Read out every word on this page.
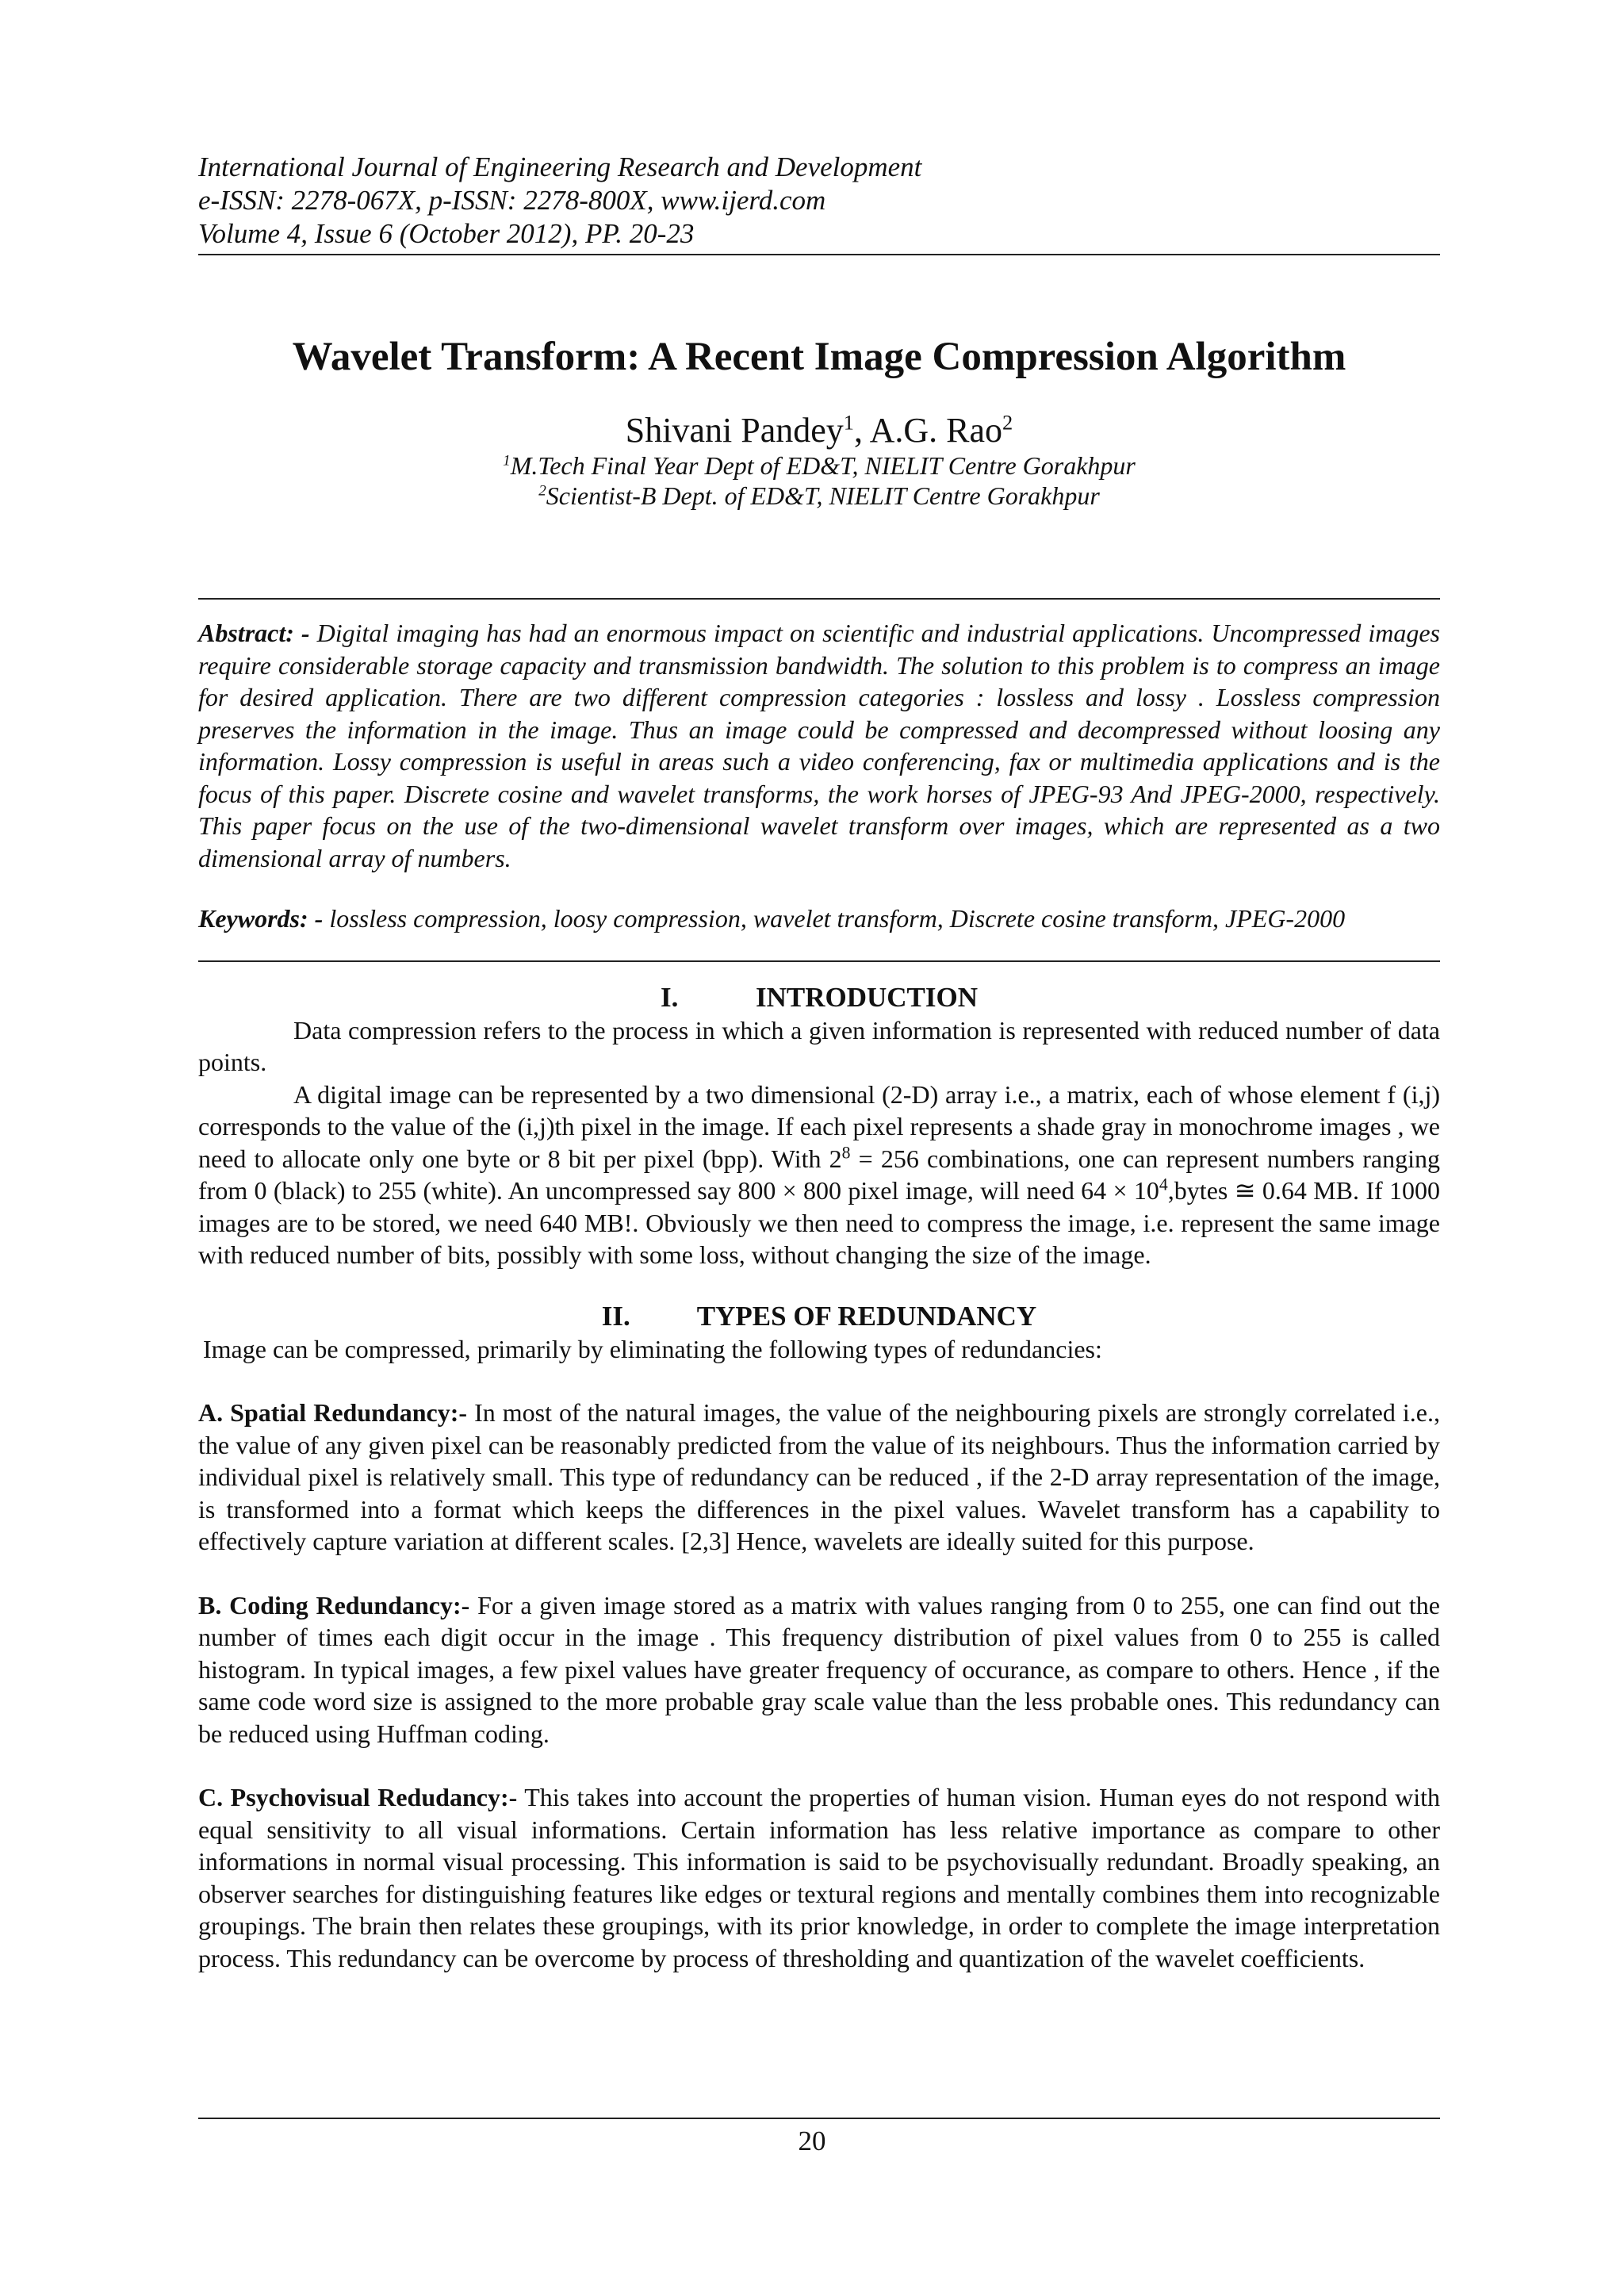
International Journal of Engineering Research and Development
e-ISSN: 2278-067X, p-ISSN: 2278-800X, www.ijerd.com
Volume 4, Issue 6 (October 2012), PP. 20-23
Wavelet Transform: A Recent Image Compression Algorithm
Shivani Pandey$^1$, A.G. Rao$^2$
$^1$M.Tech Final Year Dept of ED&T, NIELIT Centre Gorakhpur
$^2$Scientist-B Dept. of ED&T, NIELIT Centre Gorakhpur

Abstract: - Digital imaging has had an enormous impact on scientific and industrial applications. Uncompressed images require considerable storage capacity and transmission bandwidth. The solution to this problem is to compress an image for desired application. There are two different compression categories : lossless and lossy . Lossless compression preserves the information in the image. Thus an image could be compressed and decompressed without loosing any information. Lossy compression is useful in areas such a video conferencing, fax or multimedia applications and is the focus of this paper. Discrete cosine and wavelet transforms, the work horses of JPEG-93 And JPEG-2000, respectively. This paper focus on the use of the two-dimensional wavelet transform over images, which are represented as a two dimensional array of numbers.

Keywords: - lossless compression, loosy compression, wavelet transform, Discrete cosine transform, JPEG-2000

I.	INTRODUCTION

Data compression refers to the process in which a given information is represented with reduced number of data points.

A digital image can be represented by a two dimensional (2-D) array i.e., a matrix, each of whose element f (i,j) corresponds to the value of the (i,j)th pixel in the image. If each pixel represents a shade gray in monochrome images , we need to allocate only one byte or 8 bit per pixel (bpp). With $2^8 = 256$ combinations, one can represent numbers ranging from 0 (black) to 255 (white). An uncompressed say 800 × 800 pixel image, will need $64 \times 10^4,bytes$ ≅ 0.64 MB. If 1000 images are to be stored, we need 640 MB!. Obviously we then need to compress the image, i.e. represent the same image with reduced number of bits, possibly with some loss, without changing the size of the image.

II. TYPES OF REDUNDANCY

Image can be compressed, primarily by eliminating the following types of redundancies:

A. Spatial Redundancy:- In most of the natural images, the value of the neighbouring pixels are strongly correlated i.e., the value of any given pixel can be reasonably predicted from the value of its neighbours. Thus the information carried by individual pixel is relatively small. This type of redundancy can be reduced , if the 2-D array representation of the image, is transformed into a format which keeps the differences in the pixel values. Wavelet transform has a capability to effectively capture variation at different scales. [2,3] Hence, wavelets are ideally suited for this purpose.

B. Coding Redundancy:- For a given image stored as a matrix with values ranging from 0 to 255, one can find out the number of times each digit occur in the image . This frequency distribution of pixel values from 0 to 255 is called histogram. In typical images, a few pixel values have greater frequency of occurance, as compare to others. Hence , if the same code word size is assigned to the more probable gray scale value than the less probable ones. This redundancy can be reduced using Huffman coding.

C. Psychovisual Redudancy:- This takes into account the properties of human vision. Human eyes do not respond with equal sensitivity to all visual informations. Certain information has less relative importance as compare to other informations in normal visual processing. This information is said to be psychovisually redundant. Broadly speaking, an observer searches for distinguishing features like edges or textural regions and mentally combines them into recognizable groupings. The brain then relates these groupings, with its prior knowledge, in order to complete the image interpretation process. This redundancy can be overcome by process of thresholding and quantization of the wavelet coefficients.

20
